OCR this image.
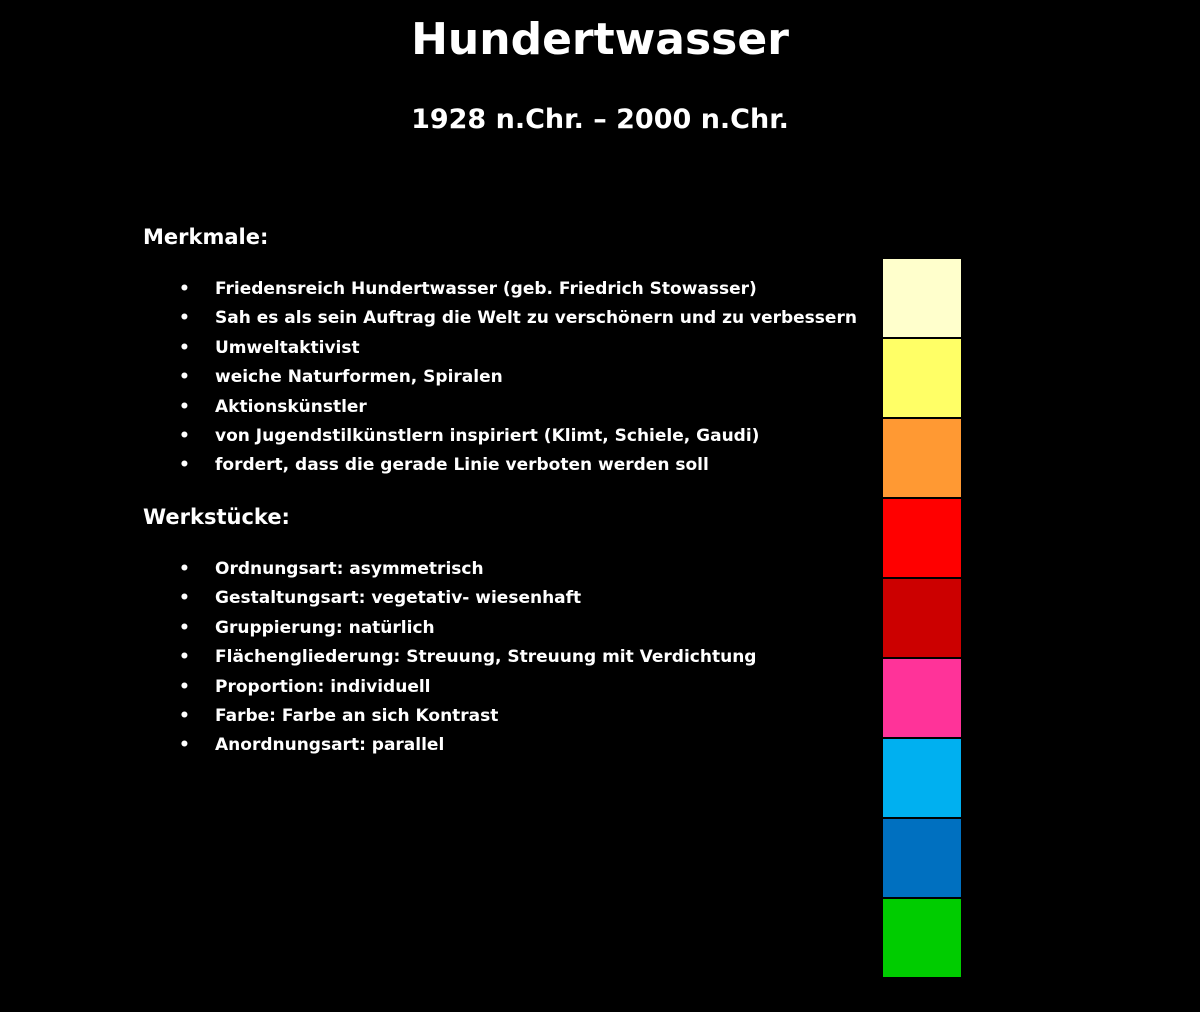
Hundertwasser
1928 n.Chr. – 2000 n.Chr.
Merkmale:
• Friedensreich Hundertwasser (geb. Friedrich Stowasser)
• Sah es als sein Auftrag die Welt zu verschönern und zu verbessern
• Umweltaktivist
• weiche Naturformen, Spiralen
• Aktionskünstler
• von Jugendstilkünstlern inspiriert (Klimt, Schiele, Gaudi)
• fordert, dass die gerade Linie verboten werden soll
Werkstücke:
• Ordnungsart: asymmetrisch
• Gestaltungsart: vegetativ- wiesenhaft
• Gruppierung: natürlich
• Flächengliederung: Streuung, Streuung mit Verdichtung
• Proportion: individuell
• Farbe: Farbe an sich Kontrast
• Anordnungsart: parallel
